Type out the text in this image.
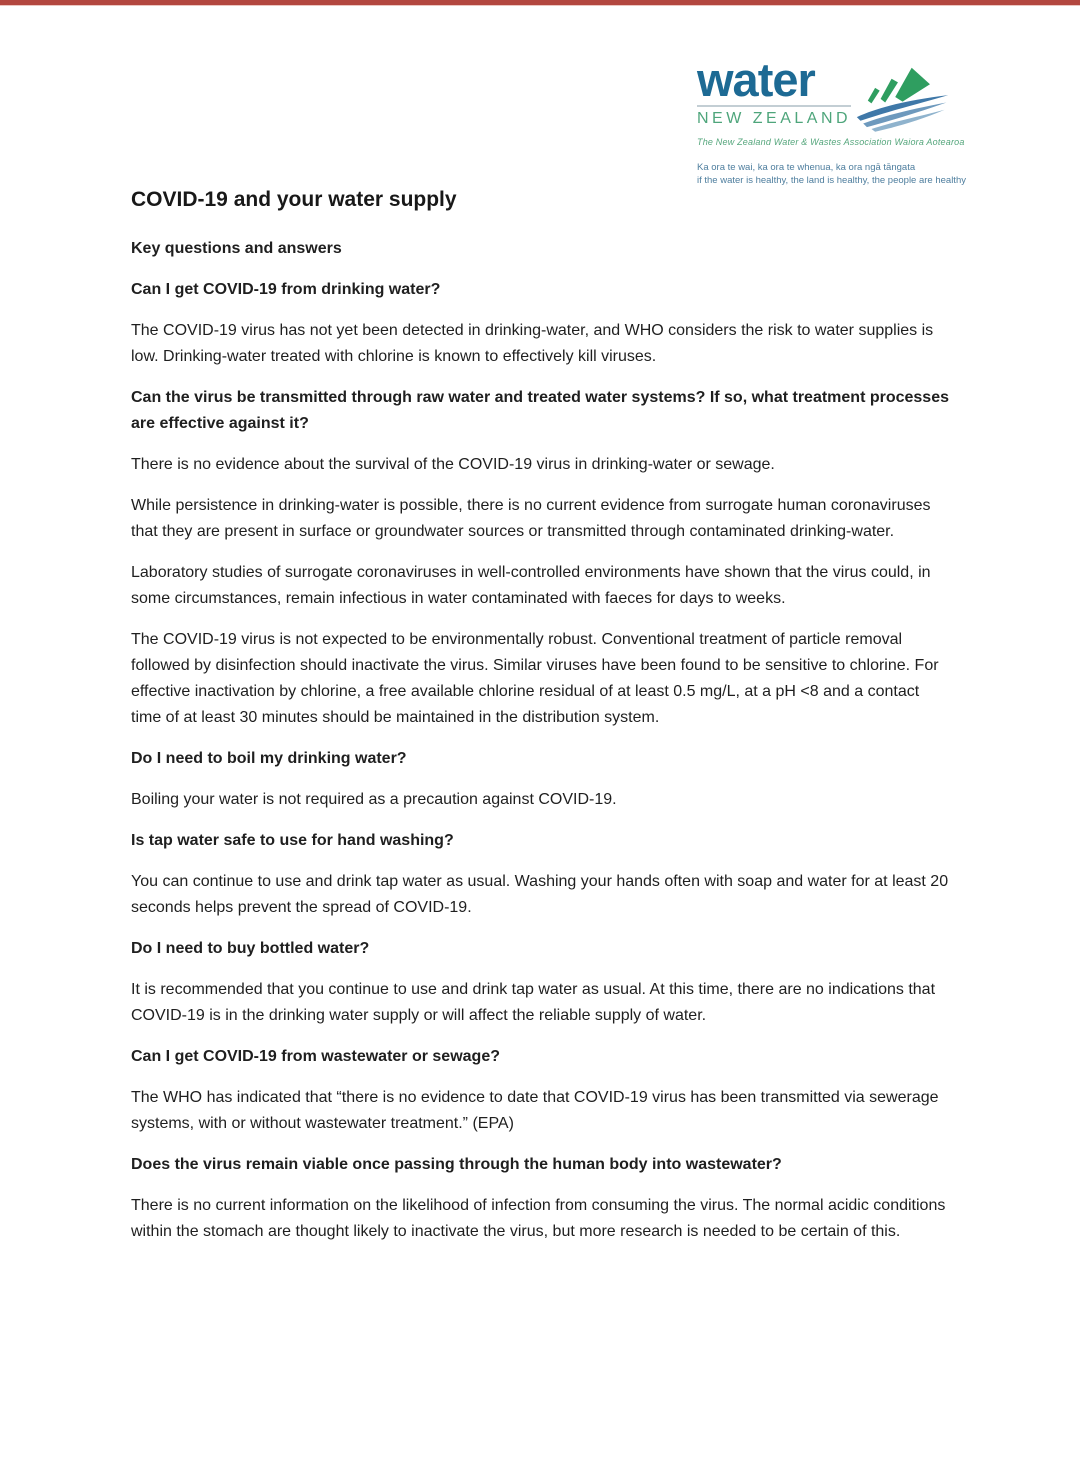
water
NEW ZEALAND
The New Zealand Water & Wastes Association Waiora Aotearoa
Ka ora te wai, ka ora te whenua, ka ora ngā tāngata
if the water is healthy, the land is healthy, the people are healthy
COVID-19 and your water supply

Key questions and answers

Can I get COVID-19 from drinking water?

The COVID-19 virus has not yet been detected in drinking-water, and WHO considers the risk to water supplies is low. Drinking-water treated with chlorine is known to effectively kill viruses.

Can the virus be transmitted through raw water and treated water systems? If so, what treatment processes are effective against it?

There is no evidence about the survival of the COVID-19 virus in drinking-water or sewage.

While persistence in drinking-water is possible, there is no current evidence from surrogate human coronaviruses that they are present in surface or groundwater sources or transmitted through contaminated drinking-water.

Laboratory studies of surrogate coronaviruses in well-controlled environments have shown that the virus could, in some circumstances, remain infectious in water contaminated with faeces for days to weeks.

The COVID-19 virus is not expected to be environmentally robust. Conventional treatment of particle removal followed by disinfection should inactivate the virus. Similar viruses have been found to be sensitive to chlorine. For effective inactivation by chlorine, a free available chlorine residual of at least 0.5 mg/L, at a pH <8 and a contact time of at least 30 minutes should be maintained in the distribution system.

Do I need to boil my drinking water?

Boiling your water is not required as a precaution against COVID-19.

Is tap water safe to use for hand washing?

You can continue to use and drink tap water as usual. Washing your hands often with soap and water for at least 20 seconds helps prevent the spread of COVID-19.

Do I need to buy bottled water?

It is recommended that you continue to use and drink tap water as usual. At this time, there are no indications that COVID-19 is in the drinking water supply or will affect the reliable supply of water.

Can I get COVID-19 from wastewater or sewage?

The WHO has indicated that “there is no evidence to date that COVID-19 virus has been transmitted via sewerage systems, with or without wastewater treatment.” (EPA)

Does the virus remain viable once passing through the human body into wastewater?

There is no current information on the likelihood of infection from consuming the virus. The normal acidic conditions within the stomach are thought likely to inactivate the virus, but more research is needed to be certain of this.
